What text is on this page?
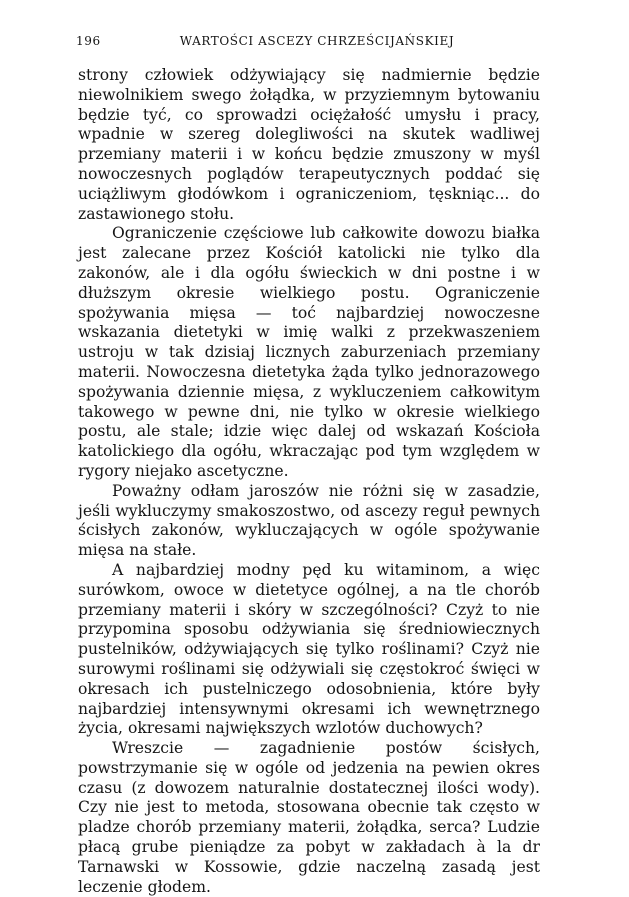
196	WARTOŚCI ASCEZY CHRZEŚCIJAŃSKIEJ

strony człowiek odżywiający się nadmiernie będzie niewolnikiem swego żołądka, w przyziemnym bytowaniu będzie tyć, co sprowadzi ociężałość umysłu i pracy, wpadnie w szereg dolegliwości na skutek wadliwej przemiany materii i w końcu będzie zmuszony w myśl nowoczesnych poglądów terapeutycznych poddać się uciążliwym głodówkom i ograniczeniom, tęskniąc... do zastawionego stołu.

Ograniczenie częściowe lub całkowite dowozu białka jest zalecane przez Kościół katolicki nie tylko dla zakonów, ale i dla ogółu świeckich w dni postne i w dłuższym okresie wielkiego postu. Ograniczenie spożywania mięsa — toć najbardziej nowoczesne wskazania dietetyki w imię walki z przekwaszeniem ustroju w tak dzisiaj licznych zaburzeniach przemiany materii. Nowoczesna dietetyka żąda tylko jednorazowego spożywania dziennie mięsa, z wykluczeniem całkowitym takowego w pewne dni, nie tylko w okresie wielkiego postu, ale stale; idzie więc dalej od wskazań Kościoła katolickiego dla ogółu, wkraczając pod tym względem w rygory niejako ascetyczne.

Poważny odłam jaroszów nie różni się w zasadzie, jeśli wykluczymy smakoszostwo, od ascezy reguł pewnych ścisłych zakonów, wykluczających w ogóle spożywanie mięsa na stałe.

A najbardziej modny pęd ku witaminom, a więc surówkom, owoce w dietetyce ogólnej, a na tle chorób przemiany materii i skóry w szczególności? Czyż to nie przypomina sposobu odżywiania się średniowiecznych pustelników, odżywiających się tylko roślinami? Czyż nie surowymi roślinami się odżywiali się częstokroć święci w okresach ich pustelniczego odosobnienia, które były najbardziej intensywnymi okresami ich wewnętrznego życia, okresami największych wzlotów duchowych?

Wreszcie — zagadnienie postów ścisłych, powstrzymanie się w ogóle od jedzenia na pewien okres czasu (z dowozem naturalnie dostatecznej ilości wody). Czy nie jest to metoda, stosowana obecnie tak często w pladze chorób przemiany materii, żołądka, serca? Ludzie płacą grube pieniądze za pobyt w zakładach à la dr Tarnawski w Kossowie, gdzie naczelną zasadą jest leczenie głodem.
